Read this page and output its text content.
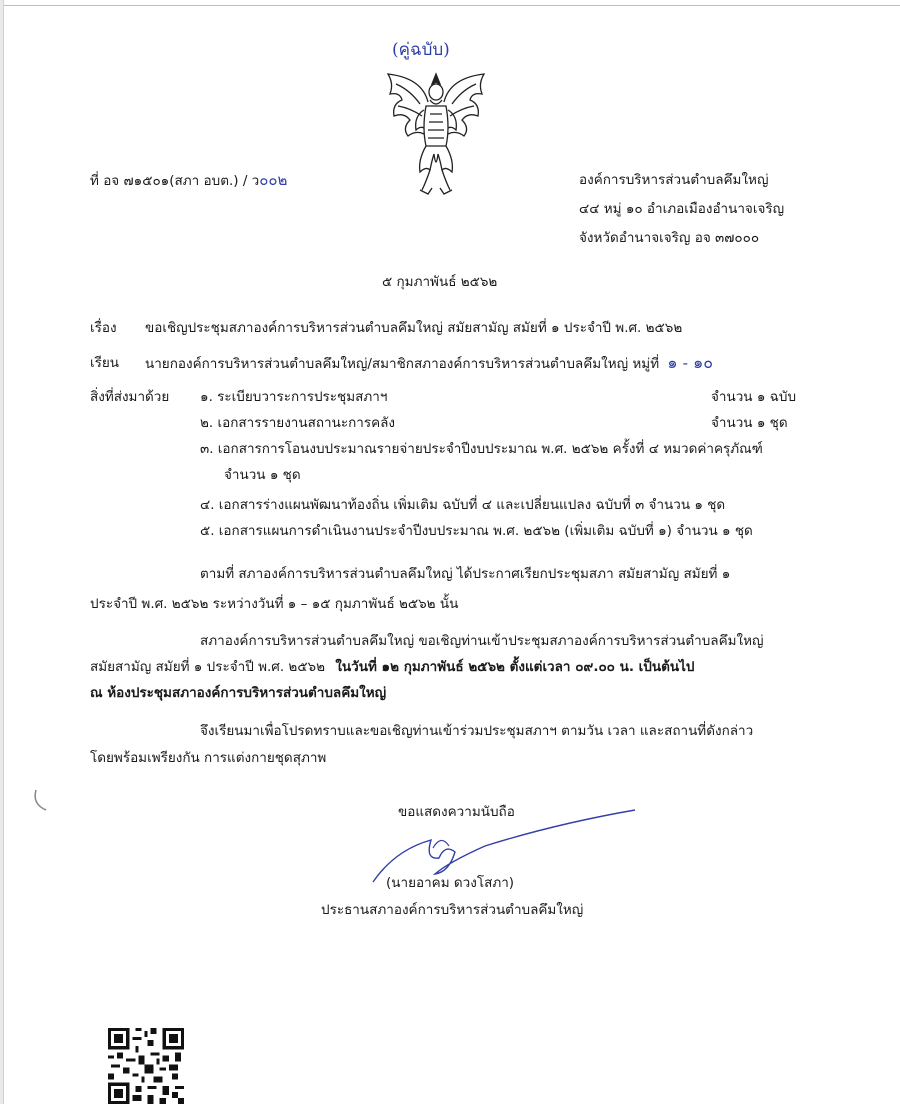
(คู่ฉบับ)
ที่ อจ ๗๑๕๐๑(สภา อบต.) / ว๐๐๒	องค์การบริหารส่วนตำบลคึมใหญ่
๔๔ หมู่ ๑๐ อำเภอเมืองอำนาจเจริญ
จังหวัดอำนาจเจริญ อจ ๓๗๐๐๐
๕ กุมภาพันธ์ ๒๕๖๒
เรื่อง ขอเชิญประชุมสภาองค์การบริหารส่วนตำบลคึมใหญ่ สมัยสามัญ สมัยที่ ๑ ประจำปี พ.ศ. ๒๕๖๒
เรียน นายกองค์การบริหารส่วนตำบลคึมใหญ่/สมาชิกสภาองค์การบริหารส่วนตำบลคึมใหญ่ หมู่ที่ ๑ - ๑๐
สิ่งที่ส่งมาด้วย ๑. ระเบียบวาระการประชุมสภาฯ	จำนวน ๑ ฉบับ
๒. เอกสารรายงานสถานะการคลัง	จำนวน ๑ ชุด
๓. เอกสารการโอนงบประมาณรายจ่ายประจำปีงบประมาณ พ.ศ. ๒๕๖๒ ครั้งที่ ๔ หมวดค่าครุภัณฑ์
จำนวน ๑ ชุด
๔. เอกสารร่างแผนพัฒนาท้องถิ่น เพิ่มเติม ฉบับที่ ๔ และเปลี่ยนแปลง ฉบับที่ ๓ จำนวน ๑ ชุด
๕. เอกสารแผนการดำเนินงานประจำปีงบประมาณ พ.ศ. ๒๕๖๒ (เพิ่มเติม ฉบับที่ ๑) จำนวน ๑ ชุด
ตามที่ สภาองค์การบริหารส่วนตำบลคึมใหญ่ ได้ประกาศเรียกประชุมสภา สมัยสามัญ สมัยที่ ๑
ประจำปี พ.ศ. ๒๕๖๒ ระหว่างวันที่ ๑ – ๑๕ กุมภาพันธ์ ๒๕๖๒ นั้น
สภาองค์การบริหารส่วนตำบลคึมใหญ่ ขอเชิญท่านเข้าประชุมสภาองค์การบริหารส่วนตำบลคึมใหญ่
สมัยสามัญ สมัยที่ ๑ ประจำปี พ.ศ. ๒๕๖๒ ในวันที่ ๑๒ กุมภาพันธ์ ๒๕๖๒ ตั้งแต่เวลา ๐๙.๐๐ น. เป็นต้นไป
ณ ห้องประชุมสภาองค์การบริหารส่วนตำบลคึมใหญ่
จึงเรียนมาเพื่อโปรดทราบและขอเชิญท่านเข้าร่วมประชุมสภาฯ ตามวัน เวลา และสถานที่ดังกล่าว
โดยพร้อมเพรียงกัน การแต่งกายชุดสุภาพ
ขอแสดงความนับถือ
(นายอาคม ดวงโสภา)
ประธานสภาองค์การบริหารส่วนตำบลคึมใหญ่
